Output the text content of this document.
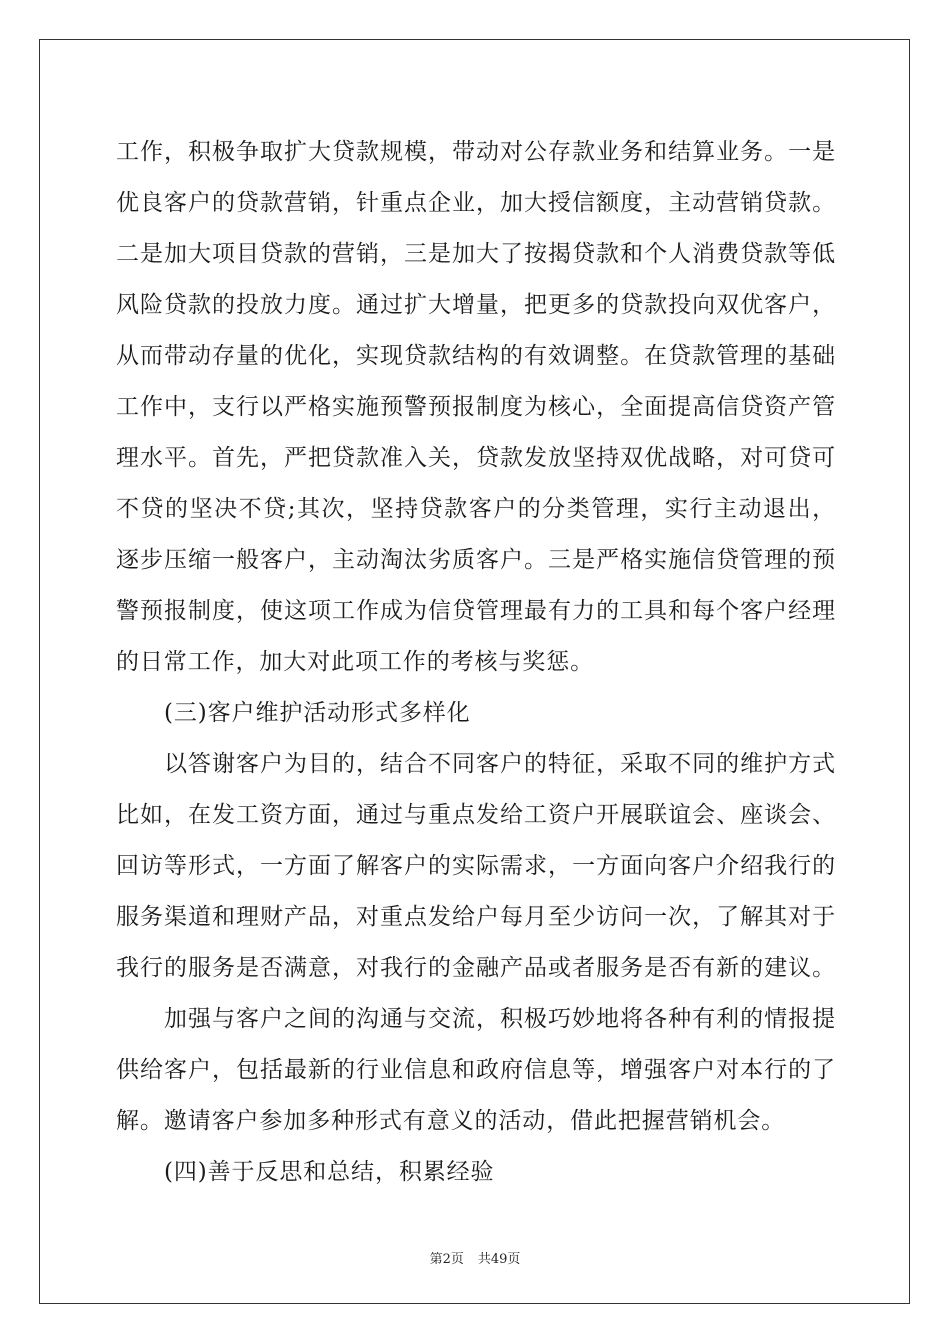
工作，积极争取扩大贷款规模，带动对公存款业务和结算业务。一是
优良客户的贷款营销，针重点企业，加大授信额度，主动营销贷款。
二是加大项目贷款的营销，三是加大了按揭贷款和个人消费贷款等低
风险贷款的投放力度。通过扩大增量，把更多的贷款投向双优客户，
从而带动存量的优化，实现贷款结构的有效调整。在贷款管理的基础
工作中，支行以严格实施预警预报制度为核心，全面提高信贷资产管
理水平。首先，严把贷款准入关，贷款发放坚持双优战略，对可贷可
不贷的坚决不贷;其次，坚持贷款客户的分类管理，实行主动退出，
逐步压缩一般客户，主动淘汰劣质客户。三是严格实施信贷管理的预
警预报制度，使这项工作成为信贷管理最有力的工具和每个客户经理
的日常工作，加大对此项工作的考核与奖惩。
(三)客户维护活动形式多样化
以答谢客户为目的，结合不同客户的特征，采取不同的维护方式
比如，在发工资方面，通过与重点发给工资户开展联谊会、座谈会、
回访等形式，一方面了解客户的实际需求，一方面向客户介绍我行的
服务渠道和理财产品，对重点发给户每月至少访问一次，了解其对于
我行的服务是否满意，对我行的金融产品或者服务是否有新的建议。
加强与客户之间的沟通与交流，积极巧妙地将各种有利的情报提
供给客户，包括最新的行业信息和政府信息等，增强客户对本行的了
解。邀请客户参加多种形式有意义的活动，借此把握营销机会。
(四)善于反思和总结，积累经验
第2页 共49页
